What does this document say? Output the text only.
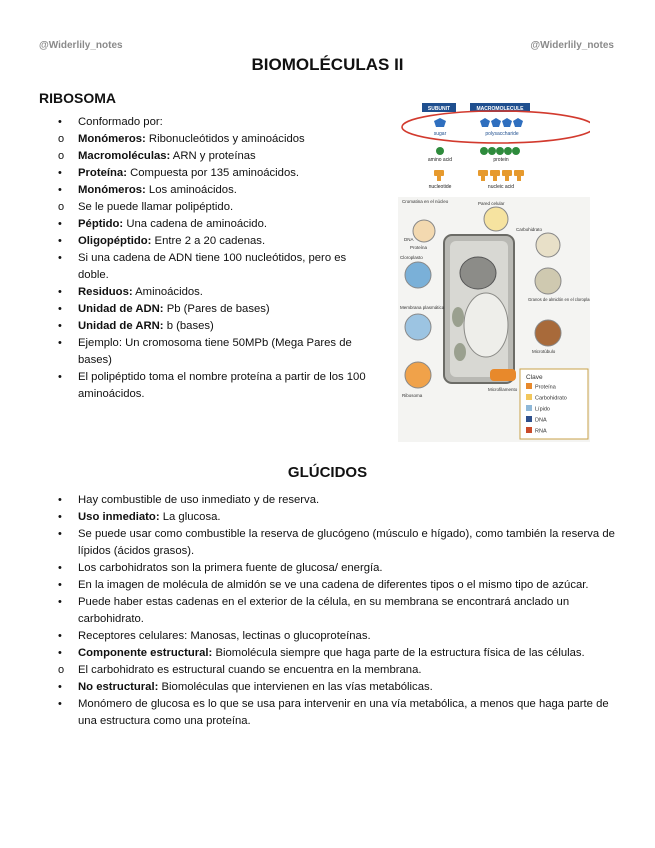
@Widerlily_notes	@Widerlily_notes
BIOMOLÉCULAS II
RIBOSOMA
• Conformado por:
o Monómeros: Ribonucleótidos y aminoácidos
o Macromoléculas: ARN y proteínas
• Proteína: Compuesta por 135 aminoácidos.
• Monómeros: Los aminoácidos.
o Se le puede llamar polipéptido.
• Péptido: Una cadena de aminoácido.
• Oligopéptido: Entre 2 a 20 cadenas.
• Si una cadena de ADN tiene 100 nucleótidos, pero es doble.
• Residuos: Aminoácidos.
• Unidad de ADN: Pb (Pares de bases)
• Unidad de ARN: b (bases)
• Ejemplo: Un cromosoma tiene 50MPb (Mega Pares de bases)
• El polipéptido toma el nombre proteína a partir de los 100 aminoácidos.
SUBUNIT	MACROMOLECULE
sugar	polysaccharide
amino acid	protein
nucleotide	nucleic acid
Cromatina en el núcleo	Pared celular
Carbohidrato
DNA
Proteína
Cloroplasto
Granos de almidón en el cloroplasto
Membrana plasmática
Ribosoma
Microtúbulo
Microfilamento
Clave
Proteína
Carbohidrato
Lípido
DNA
RNA
GLÚCIDOS
• Hay combustible de uso inmediato y de reserva.
• Uso inmediato: La glucosa.
• Se puede usar como combustible la reserva de glucógeno (músculo e hígado), como también la reserva de lípidos (ácidos grasos).
• Los carbohidratos son la primera fuente de glucosa/ energía.
• En la imagen de molécula de almidón se ve una cadena de diferentes tipos o el mismo tipo de azúcar.
• Puede haber estas cadenas en el exterior de la célula, en su membrana se encontrará anclado un carbohidrato.
• Receptores celulares: Manosas, lectinas o glucoproteínas.
• Componente estructural: Biomolécula siempre que haga parte de la estructura física de las células.
o El carbohidrato es estructural cuando se encuentra en la membrana.
• No estructural: Biomoléculas que intervienen en las vías metabólicas.
• Monómero de glucosa es lo que se usa para intervenir en una vía metabólica, a menos que haga parte de una estructura como una proteína.
